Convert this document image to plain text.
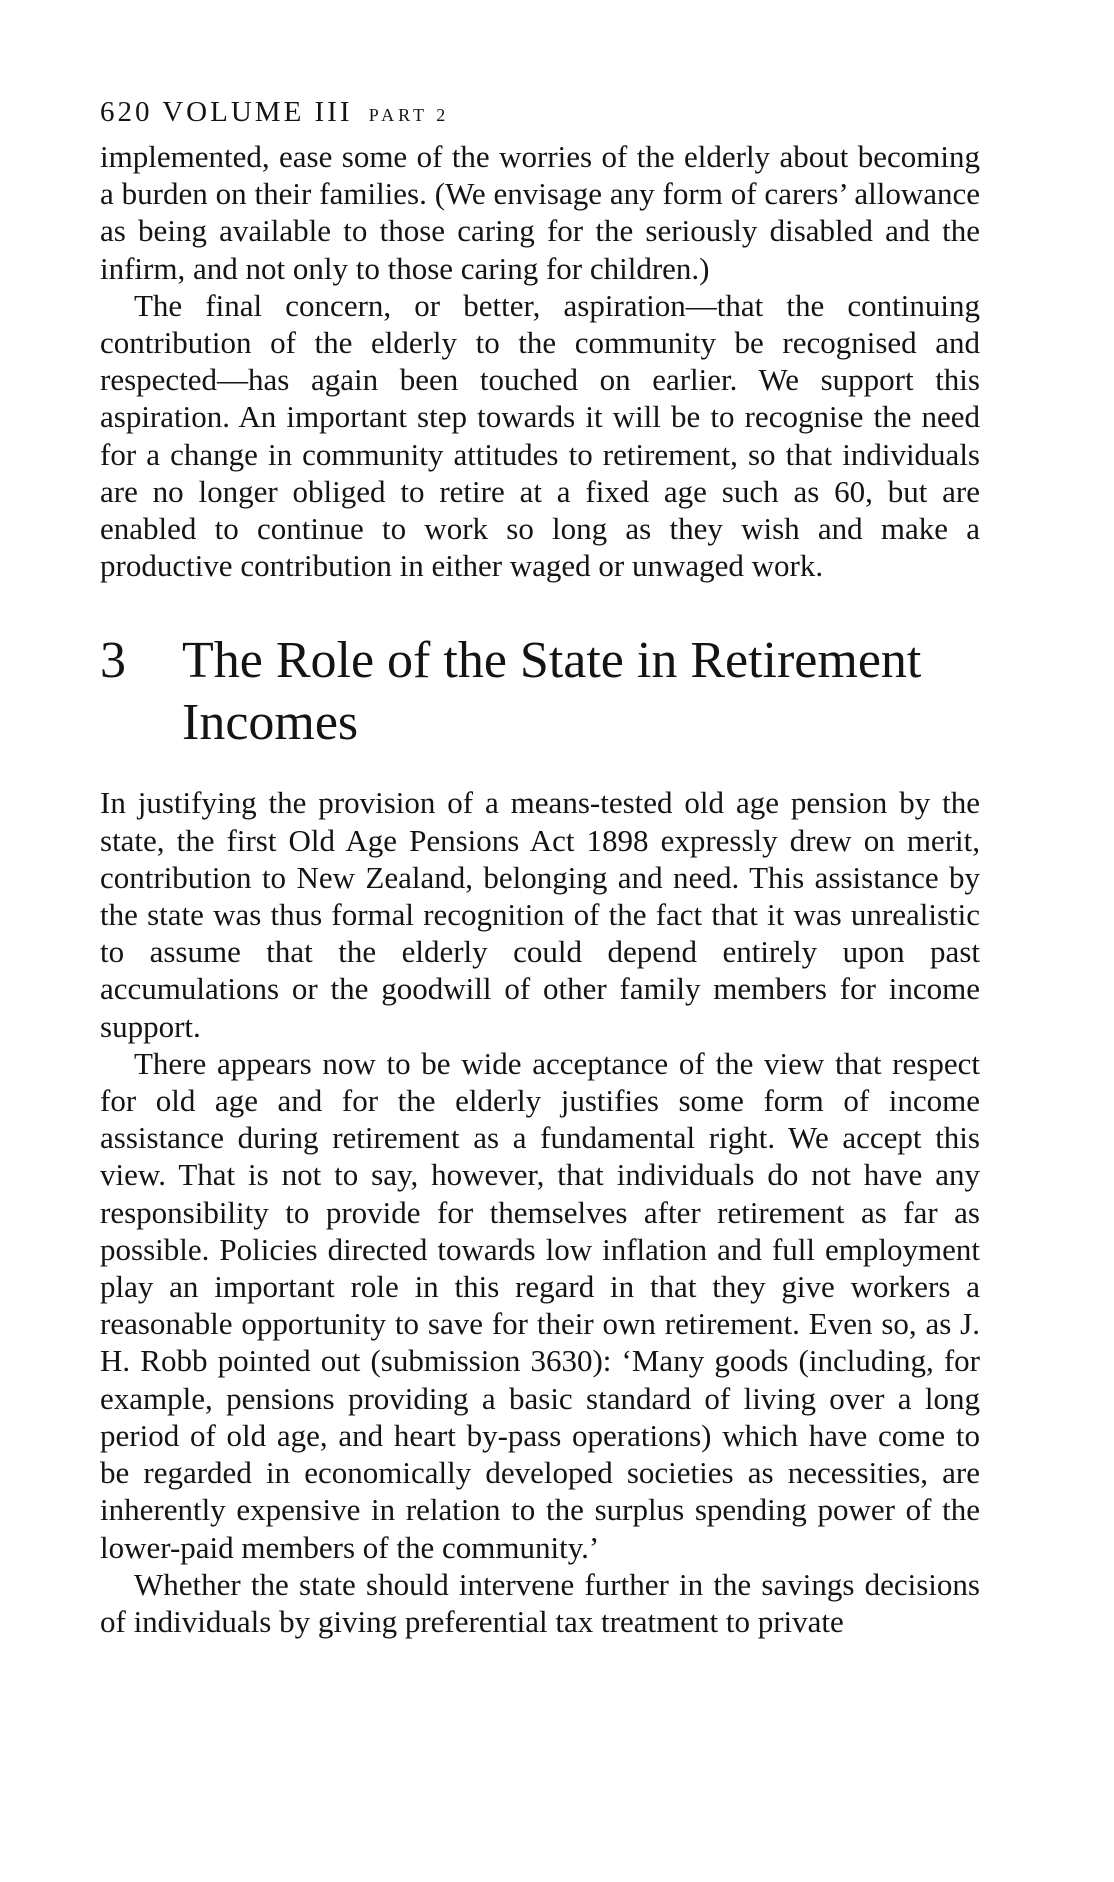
620 VOLUME III PART 2

implemented, ease some of the worries of the elderly about becoming a burden on their families. (We envisage any form of carers’ allowance as being available to those caring for the seriously disabled and the infirm, and not only to those caring for children.)

The final concern, or better, aspiration—that the continuing contribution of the elderly to the community be recognised and respected—has again been touched on earlier. We support this aspiration. An important step towards it will be to recognise the need for a change in community attitudes to retirement, so that individuals are no longer obliged to retire at a fixed age such as 60, but are enabled to continue to work so long as they wish and make a productive contribution in either waged or unwaged work.

3	The Role of the State in Retirement Incomes

In justifying the provision of a means-tested old age pension by the state, the first Old Age Pensions Act 1898 expressly drew on merit, contribution to New Zealand, belonging and need. This assistance by the state was thus formal recognition of the fact that it was unrealistic to assume that the elderly could depend entirely upon past accumulations or the goodwill of other family members for income support.

There appears now to be wide acceptance of the view that respect for old age and for the elderly justifies some form of income assistance during retirement as a fundamental right. We accept this view. That is not to say, however, that individuals do not have any responsibility to provide for themselves after retirement as far as possible. Policies directed towards low inflation and full employment play an important role in this regard in that they give workers a reasonable opportunity to save for their own retirement. Even so, as J. H. Robb pointed out (submission 3630): ‘Many goods (including, for example, pensions providing a basic standard of living over a long period of old age, and heart by-pass operations) which have come to be regarded in economically developed societies as necessities, are inherently expensive in relation to the surplus spending power of the lower-paid members of the community.’

Whether the state should intervene further in the savings decisions of individuals by giving preferential tax treatment to private
